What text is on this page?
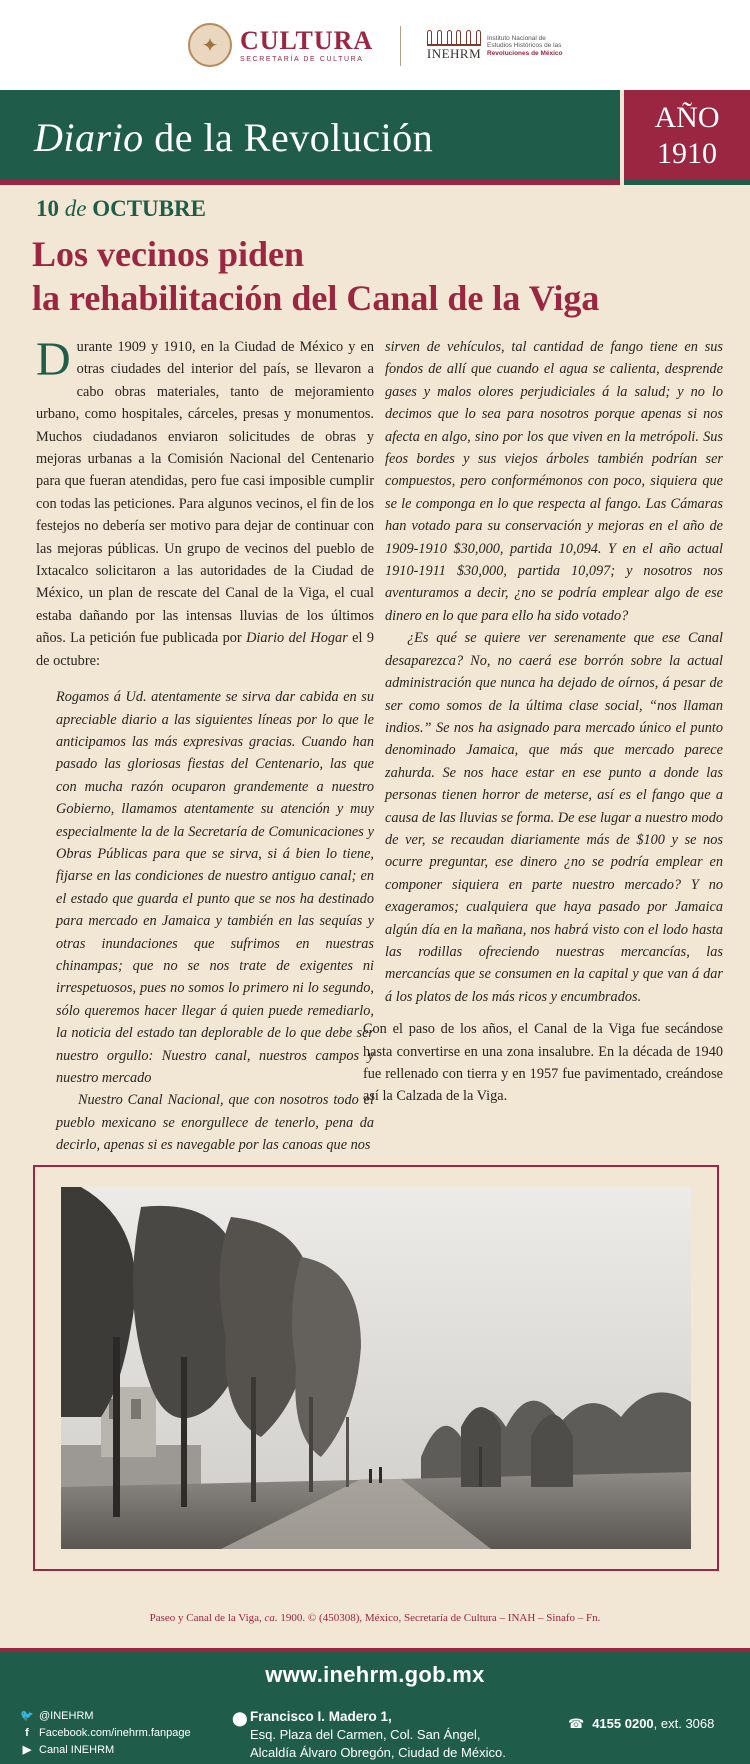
✦ CULTURA
SECRETARÍA DE CULTURA	INEHRM
Instituto Nacional de
Estudios Históricos de las
Revoluciones de México
Diario de la Revolución	AÑO
1910
10 de OCTUBRE
Los vecinos piden
la rehabilitación del Canal de la Viga

Durante 1909 y 1910, en la Ciudad de México y en otras ciudades del interior del país, se llevaron a cabo obras materiales, tanto de mejoramiento urbano, como hospitales, cárceles, presas y monumentos. Muchos ciudadanos enviaron solicitudes de obras y mejoras urbanas a la Comisión Nacional del Centenario para que fueran atendidas, pero fue casi imposible cumplir con todas las peticiones. Para algunos vecinos, el fin de los festejos no debería ser motivo para dejar de continuar con las mejoras públicas. Un grupo de vecinos del pueblo de Ixtacalco solicitaron a las autoridades de la Ciudad de México, un plan de rescate del Canal de la Viga, el cual estaba dañando por las intensas lluvias de los últimos años. La petición fue publicada por Diario del Hogar el 9 de octubre:

Rogamos á Ud. atentamente se sirva dar cabida en su apreciable diario a las siguientes líneas por lo que le anticipamos las más expresivas gracias. Cuando han pasado las gloriosas fiestas del Centenario, las que con mucha razón ocuparon grandemente a nuestro Gobierno, llamamos atentamente su atención y muy especialmente la de la Secretaría de Comunicaciones y Obras Públicas para que se sirva, si á bien lo tiene, fijarse en las condiciones de nuestro antiguo canal; en el estado que guarda el punto que se nos ha destinado para mercado en Jamaica y también en las sequías y otras inundaciones que sufrimos en nuestras chinampas; que no se nos trate de exigentes ni irrespetuosos, pues no somos lo primero ni lo segundo, sólo queremos hacer llegar á quien puede remediarlo, la noticia del estado tan deplorable de lo que debe ser nuestro orgullo: Nuestro canal, nuestros campos y nuestro mercado

Nuestro Canal Nacional, que con nosotros todo el pueblo mexicano se enorgullece de tenerlo, pena da decirlo, apenas si es navegable por las canoas que nos

sirven de vehículos, tal cantidad de fango tiene en sus fondos de allí que cuando el agua se calienta, desprende gases y malos olores perjudiciales á la salud; y no lo decimos que lo sea para nosotros porque apenas si nos afecta en algo, sino por los que viven en la metrópoli. Sus feos bordes y sus viejos árboles también podrían ser compuestos, pero conformémonos con poco, siquiera que se le componga en lo que respecta al fango. Las Cámaras han votado para su conservación y mejoras en el año de 1909-1910 $30,000, partida 10,094. Y en el año actual 1910-1911 $30,000, partida 10,097; y nosotros nos aventuramos a decir, ¿no se podría emplear algo de ese dinero en lo que para ello ha sido votado?

¿Es qué se quiere ver serenamente que ese Canal desaparezca? No, no caerá ese borrón sobre la actual administración que nunca ha dejado de oírnos, á pesar de ser como somos de la última clase social, “nos llaman indios.” Se nos ha asignado para mercado único el punto denominado Jamaica, que más que mercado parece zahurda. Se nos hace estar en ese punto a donde las personas tienen horror de meterse, así es el fango que a causa de las lluvias se forma. De ese lugar a nuestro modo de ver, se recaudan diariamente más de $100 y se nos ocurre preguntar, ese dinero ¿no se podría emplear en componer siquiera en parte nuestro mercado? Y no exageramos; cualquiera que haya pasado por Jamaica algún día en la mañana, nos habrá visto con el lodo hasta las rodillas ofreciendo nuestras mercancías, las mercancías que se consumen en la capital y que van á dar á los platos de los más ricos y encumbrados.

Con el paso de los años, el Canal de la Viga fue secándose hasta convertirse en una zona insalubre. En la década de 1940 fue rellenado con tierra y en 1957 fue pavimentado, creándose así la Calzada de la Viga.

Paseo y Canal de la Viga, ca. 1900. © (450308), México, Secretaría de Cultura – INAH – Sinafo – Fn.
www.inehrm.gob.mx
🐦 @INEHRM
f Facebook.com/inehrm.fanpage
▶ Canal INEHRM
⬤ Francisco I. Madero 1,
Esq. Plaza del Carmen, Col. San Ángel,
Alcaldía Álvaro Obregón, Ciudad de México.
☎ 4155 0200, ext. 3068
